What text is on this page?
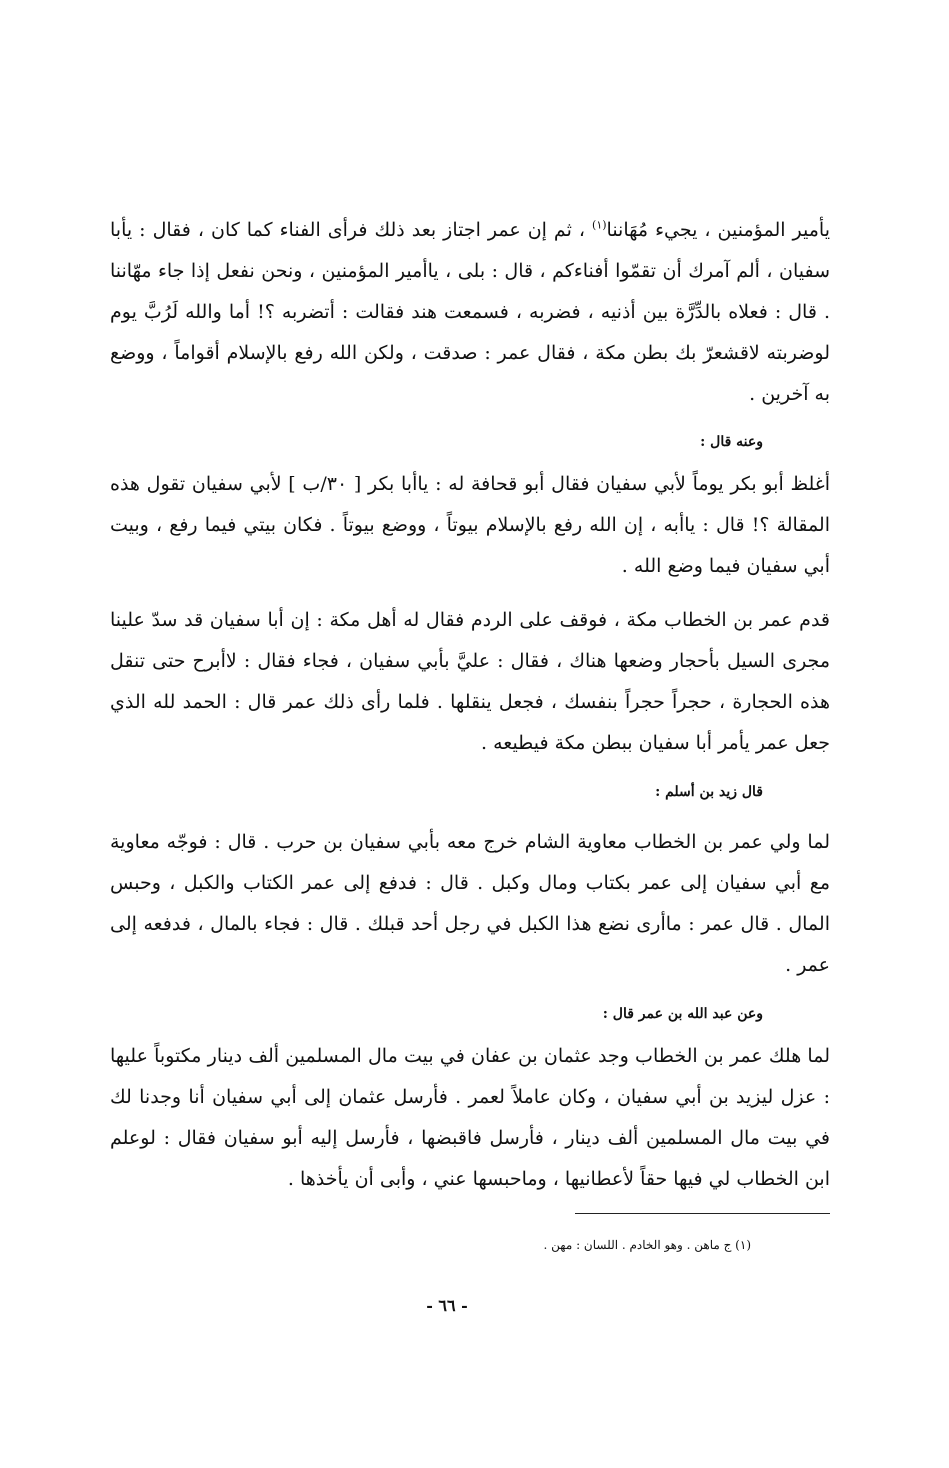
يأمير المؤمنين ، يجيء مُهَاننا$^{(١)}$ ، ثم إن عمر اجتاز بعد ذلك فرأى الفناء كما كان ، فقال : يأبا سفيان ، ألم آمرك أن تقمّوا أفناءكم ، قال : بلى ، ياأمير المؤمنين ، ونحن نفعل إذا جاء مهّاننا . قال : فعلاه بالدِّرَّة بين أذنيه ، فضربه ، فسمعت هند فقالت : أتضربه ؟! أما والله لَرُبَّ يوم لوضربته لاقشعرّ بك بطن مكة ، فقال عمر : صدقت ، ولكن الله رفع بالإسلام أقواماً ، ووضع به آخرين .

وعنه قال :

أغلظ أبو بكر يوماً لأبي سفيان فقال أبو قحافة له : ياأبا بكر [ ٣٠/ب ] لأبي سفيان تقول هذه المقالة ؟! قال : ياأبه ، إن الله رفع بالإسلام بيوتاً ، ووضع بيوتاً . فكان بيتي فيما رفع ، وبيت أبي سفيان فيما وضع الله .

قدم عمر بن الخطاب مكة ، فوقف على الردم فقال له أهل مكة : إن أبا سفيان قد سدّ علينا مجرى السيل بأحجار وضعها هناك ، فقال : عليَّ بأبي سفيان ، فجاء فقال : لاأبرح حتى تنقل هذه الحجارة ، حجراً حجراً بنفسك ، فجعل ينقلها . فلما رأى ذلك عمر قال : الحمد لله الذي جعل عمر يأمر أبا سفيان ببطن مكة فيطيعه .

قال زيد بن أسلم :

لما ولي عمر بن الخطاب معاوية الشام خرج معه بأبي سفيان بن حرب . قال : فوجّه معاوية مع أبي سفيان إلى عمر بكتاب ومال وكبل . قال : فدفع إلى عمر الكتاب والكبل ، وحبس المال . قال عمر : ماأرى نضع هذا الكبل في رجل أحد قبلك . قال : فجاء بالمال ، فدفعه إلى عمر .

وعن عبد الله بن عمر قال :

لما هلك عمر بن الخطاب وجد عثمان بن عفان في بيت مال المسلمين ألف دينار مكتوباً عليها : عزل ليزيد بن أبي سفيان ، وكان عاملاً لعمر . فأرسل عثمان إلى أبي سفيان أنا وجدنا لك في بيت مال المسلمين ألف دينار ، فأرسل فاقبضها ، فأرسل إليه أبو سفيان فقال : لوعلم ابن الخطاب لي فيها حقاً لأعطانيها ، وماحبسها عني ، وأبى أن يأخذها .

(١) ج ماهن . وهو الخادم . اللسان : مهن .
- ٦٦ -
